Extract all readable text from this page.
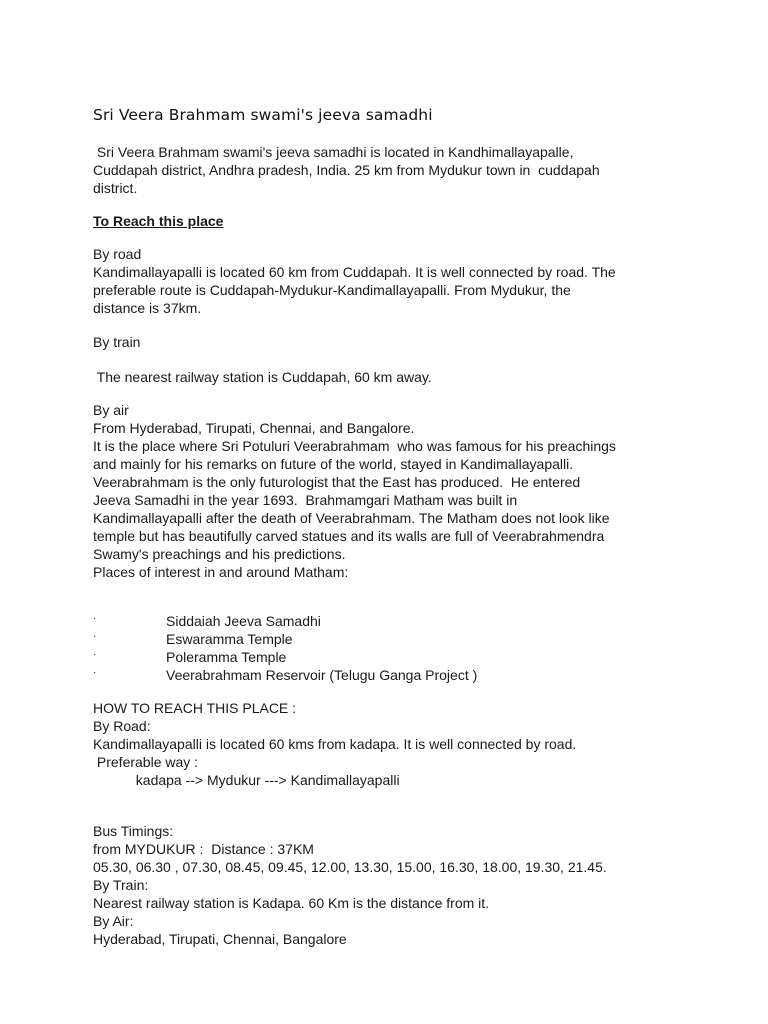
Sri Veera Brahmam swami's jeeva samadhi
Sri Veera Brahmam swami's jeeva samadhi is located in Kandhimallayapalle,
Cuddapah district, Andhra pradesh, India. 25 km from Mydukur town in  cuddapah
district.
To Reach this place
By road
Kandimallayapalli is located 60 km from Cuddapah. It is well connected by road. The
preferable route is Cuddapah-Mydukur-Kandimallayapalli. From Mydukur, the
distance is 37km.
By train
The nearest railway station is Cuddapah, 60 km away.
By air
From Hyderabad, Tirupati, Chennai, and Bangalore.
It is the place where Sri Potuluri Veerabrahmam  who was famous for his preachings
and mainly for his remarks on future of the world, stayed in Kandimallayapalli.
Veerabrahmam is the only futurologist that the East has produced.  He entered
Jeeva Samadhi in the year 1693.  Brahmamgari Matham was built in
Kandimallayapalli after the death of Veerabrahmam. The Matham does not look like
temple but has beautifully carved statues and its walls are full of Veerabrahmendra
Swamy's preachings and his predictions.
Places of interest in and around Matham:
·	Siddaiah Jeeva Samadhi
·	Eswaramma Temple
·	Poleramma Temple
·	Veerabrahmam Reservoir (Telugu Ganga Project )
HOW TO REACH THIS PLACE :
By Road:
Kandimallayapalli is located 60 kms from kadapa. It is well connected by road.
Preferable way :
kadapa --> Mydukur ---> Kandimallayapalli
Bus Timings:
from MYDUKUR :  Distance : 37KM
05.30, 06.30 , 07.30, 08.45, 09.45, 12.00, 13.30, 15.00, 16.30, 18.00, 19.30, 21.45.
By Train:
Nearest railway station is Kadapa. 60 Km is the distance from it.
By Air:
Hyderabad, Tirupati, Chennai, Bangalore
